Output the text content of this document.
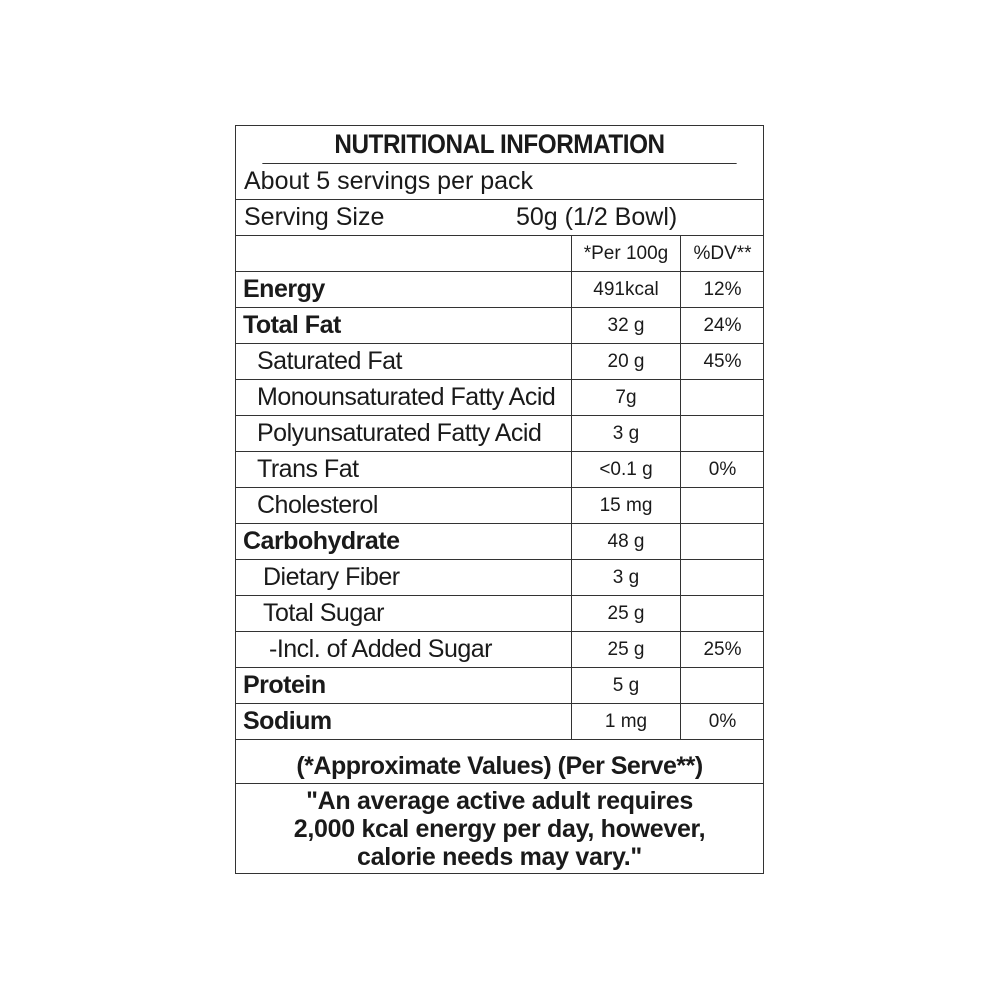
NUTRITIONAL INFORMATION
About 5 servings per pack
Serving Size	50g (1/2 Bowl)
*Per 100g	%DV**
Energy	491kcal	12%
Total Fat	32 g	24%
Saturated Fat	20 g	45%
Monounsaturated Fatty Acid	7g
Polyunsaturated Fatty Acid	3 g
Trans Fat	<0.1 g	0%
Cholesterol	15 mg
Carbohydrate	48 g
Dietary Fiber	3 g
Total Sugar	25 g
-Incl. of Added Sugar	25 g	25%
Protein	5 g
Sodium	1 mg	0%
(*Approximate Values) (Per Serve**)
"An average active adult requires
2,000 kcal energy per day, however,
calorie needs may vary."
